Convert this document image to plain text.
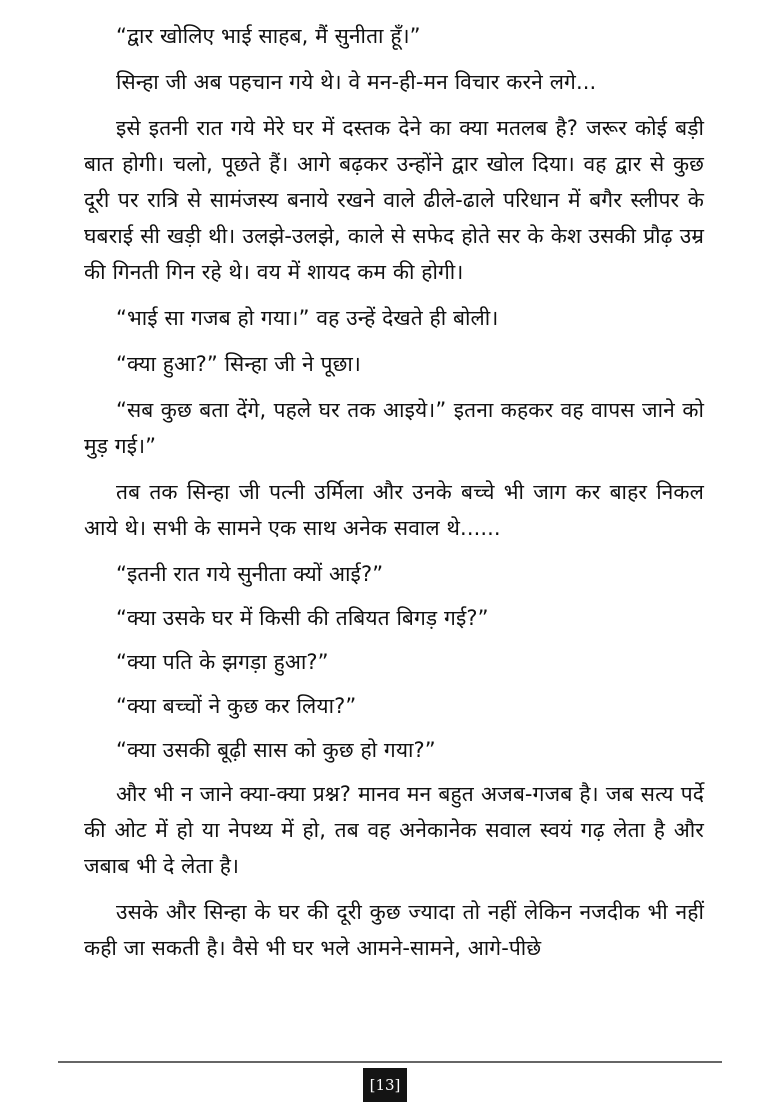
“द्वार खोलिए भाई साहब, मैं सुनीता हूँ।”

सिन्हा जी अब पहचान गये थे। वे मन-ही-मन विचार करने लगे...

इसे इतनी रात गये मेरे घर में दस्तक देने का क्या मतलब है? जरूर कोई बड़ी बात होगी। चलो, पूछते हैं। आगे बढ़कर उन्होंने द्वार खोल दिया। वह द्वार से कुछ दूरी पर रात्रि से सामंजस्य बनाये रखने वाले ढीले-ढाले परिधान में बगैर स्लीपर के घबराई सी खड़ी थी। उलझे-उलझे, काले से सफेद होते सर के केश उसकी प्रौढ़ उम्र की गिनती गिन रहे थे। वय में शायद कम की होगी।

“भाई सा गजब हो गया।” वह उन्हें देखते ही बोली।

“क्या हुआ?” सिन्हा जी ने पूछा।

“सब कुछ बता देंगे, पहले घर तक आइये।” इतना कहकर वह वापस जाने को मुड़ गई।”

तब तक सिन्हा जी पत्नी उर्मिला और उनके बच्चे भी जाग कर बाहर निकल आये थे। सभी के सामने एक साथ अनेक सवाल थे......

“इतनी रात गये सुनीता क्यों आई?”

“क्या उसके घर में किसी की तबियत बिगड़ गई?”

“क्या पति के झगड़ा हुआ?”

“क्या बच्चों ने कुछ कर लिया?”

“क्या उसकी बूढ़ी सास को कुछ हो गया?”

और भी न जाने क्या-क्या प्रश्न? मानव मन बहुत अजब-गजब है। जब सत्य पर्दे की ओट में हो या नेपथ्य में हो, तब वह अनेकानेक सवाल स्वयं गढ़ लेता है और जबाब भी दे लेता है।

उसके और सिन्हा के घर की दूरी कुछ ज्यादा तो नहीं लेकिन नजदीक भी नहीं कही जा सकती है। वैसे भी घर भले आमने-सामने, आगे-पीछे

[13]
